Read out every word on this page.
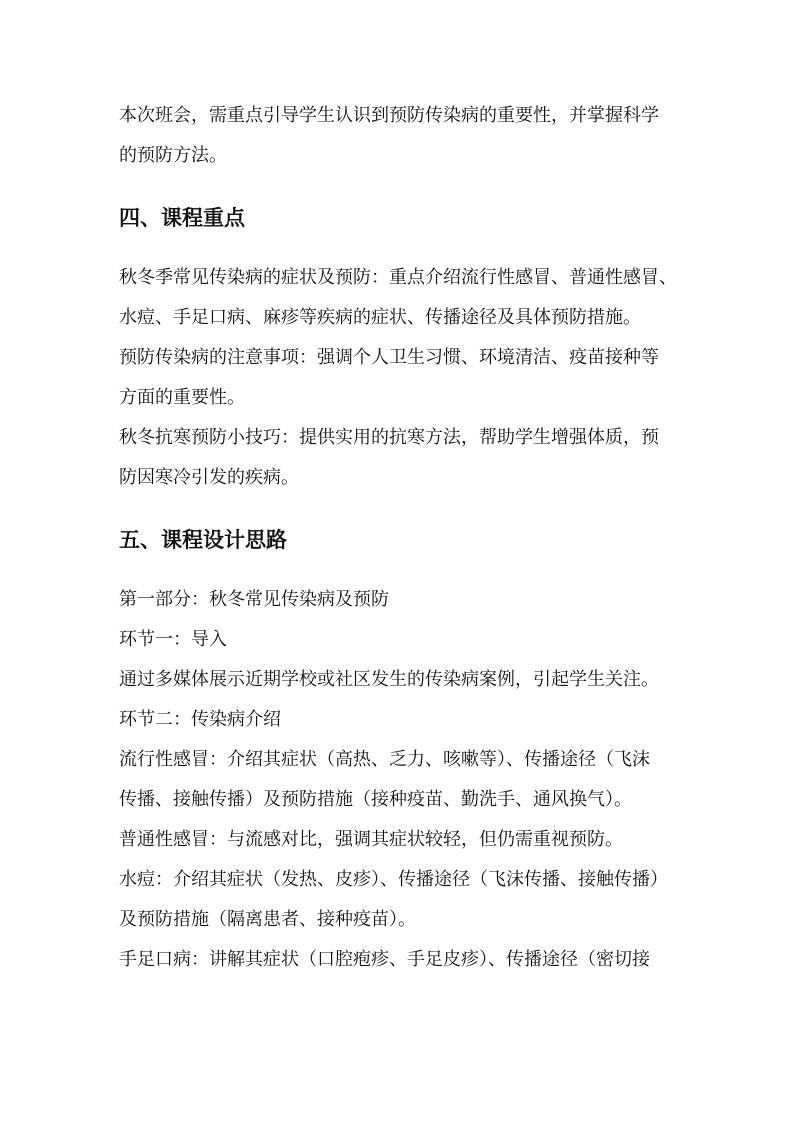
本次班会，需重点引导学生认识到预防传染病的重要性，并掌握科学

的预防方法。

四、课程重点

秋冬季常见传染病的症状及预防：重点介绍流行性感冒、普通性感冒、

水痘、手足口病、麻疹等疾病的症状、传播途径及具体预防措施。

预防传染病的注意事项：强调个人卫生习惯、环境清洁、疫苗接种等

方面的重要性。

秋冬抗寒预防小技巧：提供实用的抗寒方法，帮助学生增强体质，预

防因寒冷引发的疾病。

五、课程设计思路

第一部分：秋冬常见传染病及预防

环节一：导入

通过多媒体展示近期学校或社区发生的传染病案例，引起学生关注。

环节二：传染病介绍

流行性感冒：介绍其症状（高热、乏力、咳嗽等）、传播途径（飞沫

传播、接触传播）及预防措施（接种疫苗、勤洗手、通风换气）。

普通性感冒：与流感对比，强调其症状较轻，但仍需重视预防。

水痘：介绍其症状（发热、皮疹）、传播途径（飞沫传播、接触传播）

及预防措施（隔离患者、接种疫苗）。

手足口病：讲解其症状（口腔疱疹、手足皮疹）、传播途径（密切接
